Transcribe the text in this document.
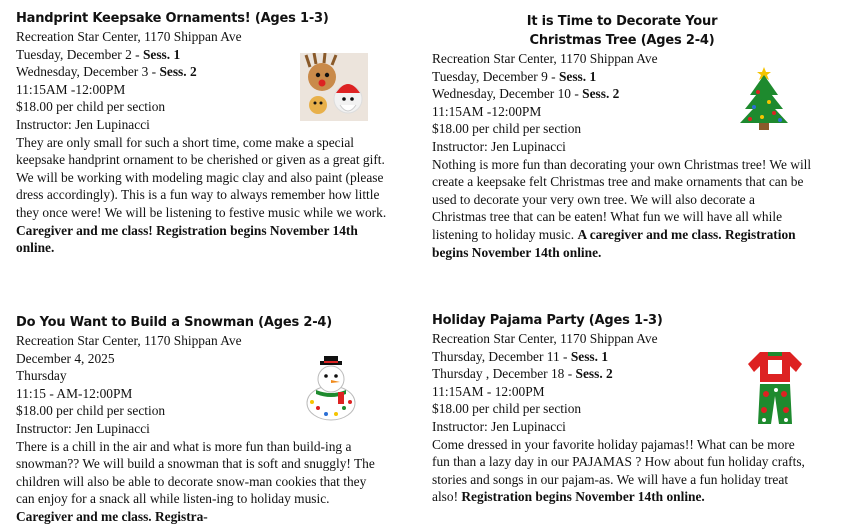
Handprint Keepsake Ornaments! (Ages 1-3)
Recreation Star Center, 1170 Shippan Ave
Tuesday, December 2 - Sess. 1
Wednesday, December 3 - Sess. 2
11:15AM -12:00PM
$18.00 per child per section
Instructor: Jen Lupinacci
They are only small for such a short time, come make a special keepsake handprint ornament to be cherished or given as a great gift. We will be working with modeling magic clay and also paint (please dress accordingly). This is a fun way to always remember how little they once were! We will be listening to festive music while we work. Caregiver and me class! Registration begins November 14th online.
It is Time to Decorate Your
Christmas Tree (Ages 2-4)
Recreation Star Center, 1170 Shippan Ave
Tuesday, December 9 - Sess. 1
Wednesday, December 10 - Sess. 2
11:15AM -12:00PM
$18.00 per child per section
Instructor: Jen Lupinacci
Nothing is more fun than decorating your own Christmas tree! We will create a keepsake felt Christmas tree and make ornaments that can be used to decorate your very own tree. We will also decorate a Christmas tree that can be eaten! What fun we will have all while listening to holiday music. A caregiver and me class. Registration begins November 14th online.
Do You Want to Build a Snowman (Ages 2-4)
Recreation Star Center, 1170 Shippan Ave
December 4, 2025
Thursday
11:15 - AM-12:00PM
$18.00 per child per section
Instructor: Jen Lupinacci
There is a chill in the air and what is more fun than build-ing a snowman?? We will build a snowman that is soft and snuggly! The children will also be able to decorate snow-man cookies that they can enjoy for a snack all while listen-ing to holiday music. Caregiver and me class. Registra-
Holiday Pajama Party (Ages 1-3)
Recreation Star Center, 1170 Shippan Ave
Thursday, December 11 - Sess. 1
Thursday , December 18 - Sess. 2
11:15AM - 12:00PM
$18.00 per child per section
Instructor: Jen Lupinacci
Come dressed in your favorite holiday pajamas!! What can be more fun than a lazy day in our PAJAMAS ? How about fun holiday crafts, stories and songs in our pajam-as. We will have a fun holiday treat also! Registration begins November 14th online.
